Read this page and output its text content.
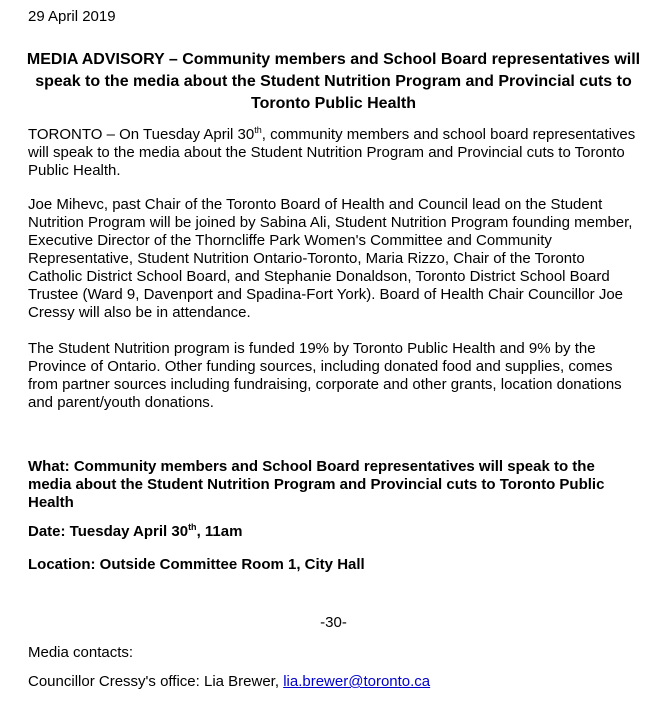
29 April 2019
MEDIA ADVISORY – Community members and School Board representatives will speak to the media about the Student Nutrition Program and Provincial cuts to Toronto Public Health
TORONTO – On Tuesday April 30th, community members and school board representatives will speak to the media about the Student Nutrition Program and Provincial cuts to Toronto Public Health.
Joe Mihevc, past Chair of the Toronto Board of Health and Council lead on the Student Nutrition Program will be joined by Sabina Ali, Student Nutrition Program founding member, Executive Director of the Thorncliffe Park Women's Committee and Community Representative, Student Nutrition Ontario-Toronto, Maria Rizzo, Chair of the Toronto Catholic District School Board, and Stephanie Donaldson, Toronto District School Board Trustee (Ward 9, Davenport and Spadina-Fort York). Board of Health Chair Councillor Joe Cressy will also be in attendance.
The Student Nutrition program is funded 19% by Toronto Public Health and 9% by the Province of Ontario. Other funding sources, including donated food and supplies, comes from partner sources including fundraising, corporate and other grants, location donations and parent/youth donations.
What: Community members and School Board representatives will speak to the media about the Student Nutrition Program and Provincial cuts to Toronto Public Health
Date: Tuesday April 30th, 11am
Location: Outside Committee Room 1, City Hall
-30-
Media contacts:
Councillor Cressy's office: Lia Brewer, lia.brewer@toronto.ca
